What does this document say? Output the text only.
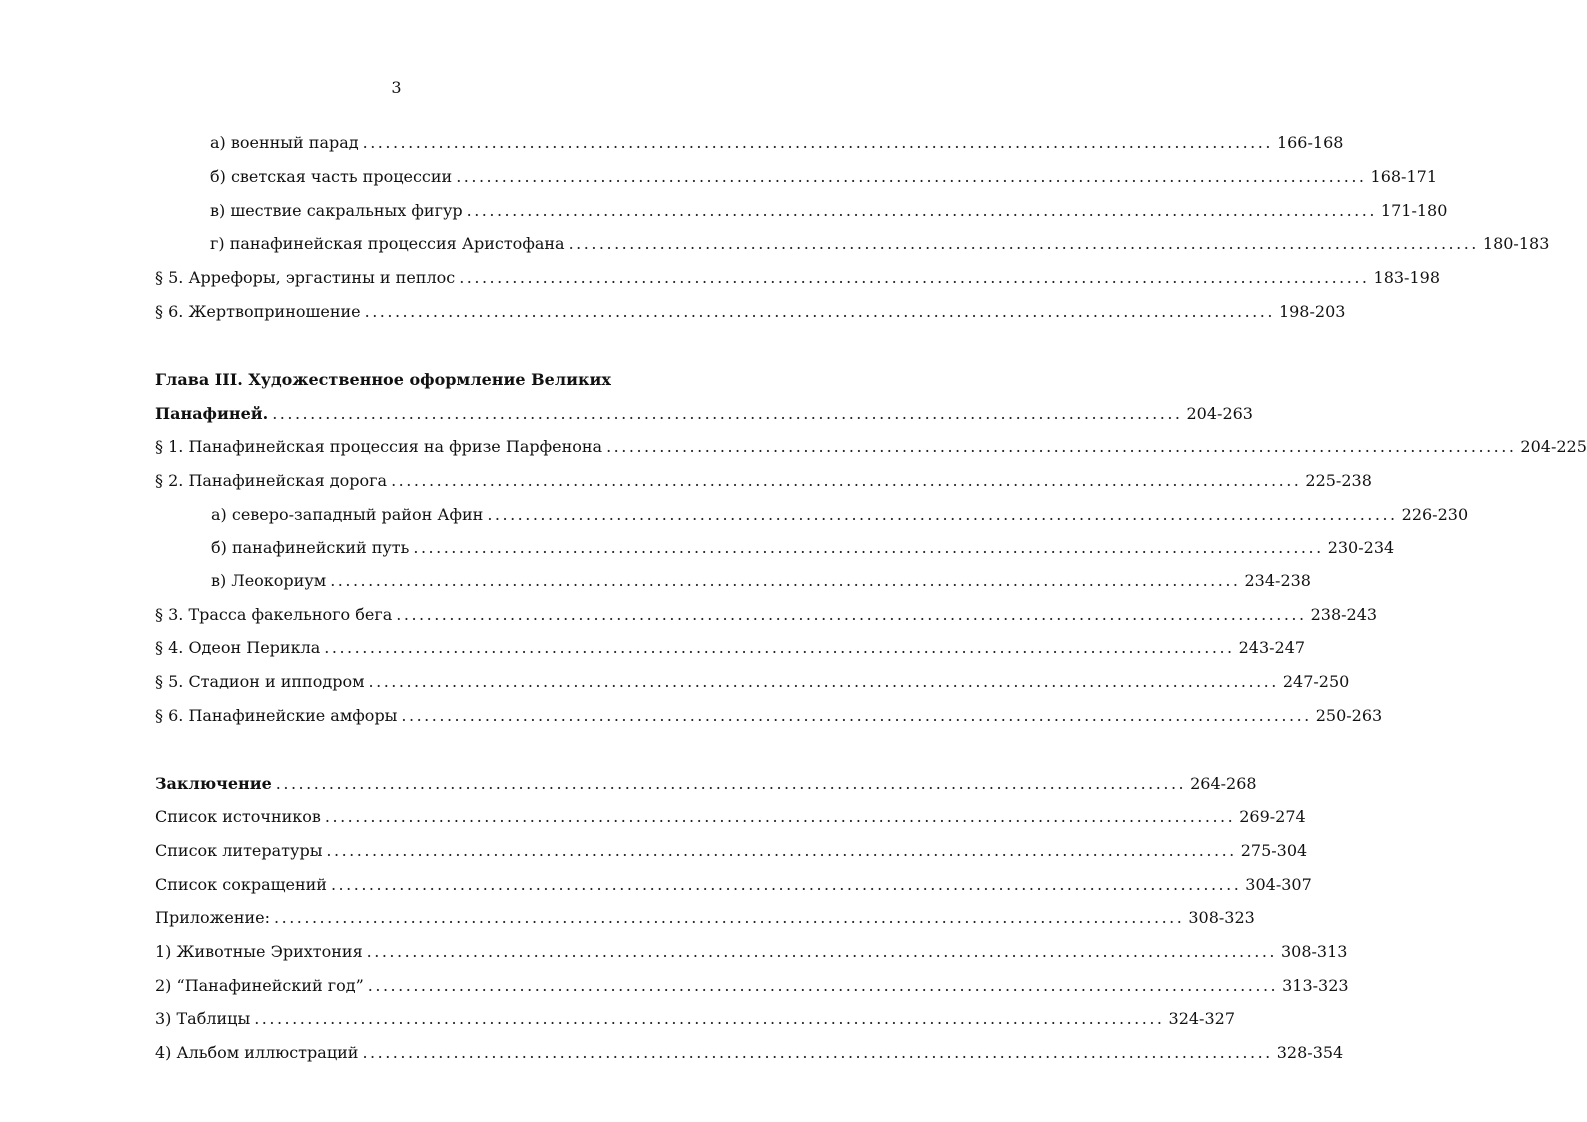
3
а) военный парад ........................................................................................................................ 166-168
б) светская часть процессии ........................................................................................................................ 168-171
в) шествие сакральных фигур ........................................................................................................................ 171-180
г) панафинейская процессия Аристофана ........................................................................................................................ 180-183
§ 5. Аррефоры, эргастины и пеплос ........................................................................................................................ 183-198
§ 6. Жертвоприношение ........................................................................................................................ 198-203
Глава III. Художественное оформление Великих
Панафиней. ........................................................................................................................ 204-263
§ 1. Панафинейская процессия на фризе Парфенона ........................................................................................................................ 204-225
§ 2. Панафинейская дорога ........................................................................................................................ 225-238
а) северо-западный район Афин ........................................................................................................................ 226-230
б) панафинейский путь ........................................................................................................................ 230-234
в) Леокориум ........................................................................................................................ 234-238
§ 3. Трасса факельного бега ........................................................................................................................ 238-243
§ 4. Одеон Перикла ........................................................................................................................ 243-247
§ 5. Стадион и ипподром ........................................................................................................................ 247-250
§ 6. Панафинейские амфоры ........................................................................................................................ 250-263
Заключение ........................................................................................................................ 264-268
Список источников ........................................................................................................................ 269-274
Список литературы ........................................................................................................................ 275-304
Список сокращений ........................................................................................................................ 304-307
Приложение: ........................................................................................................................ 308-323
1) Животные Эрихтония ........................................................................................................................ 308-313
2) “Панафинейский год” ........................................................................................................................ 313-323
3) Таблицы ........................................................................................................................ 324-327
4) Альбом иллюстраций ........................................................................................................................ 328-354
